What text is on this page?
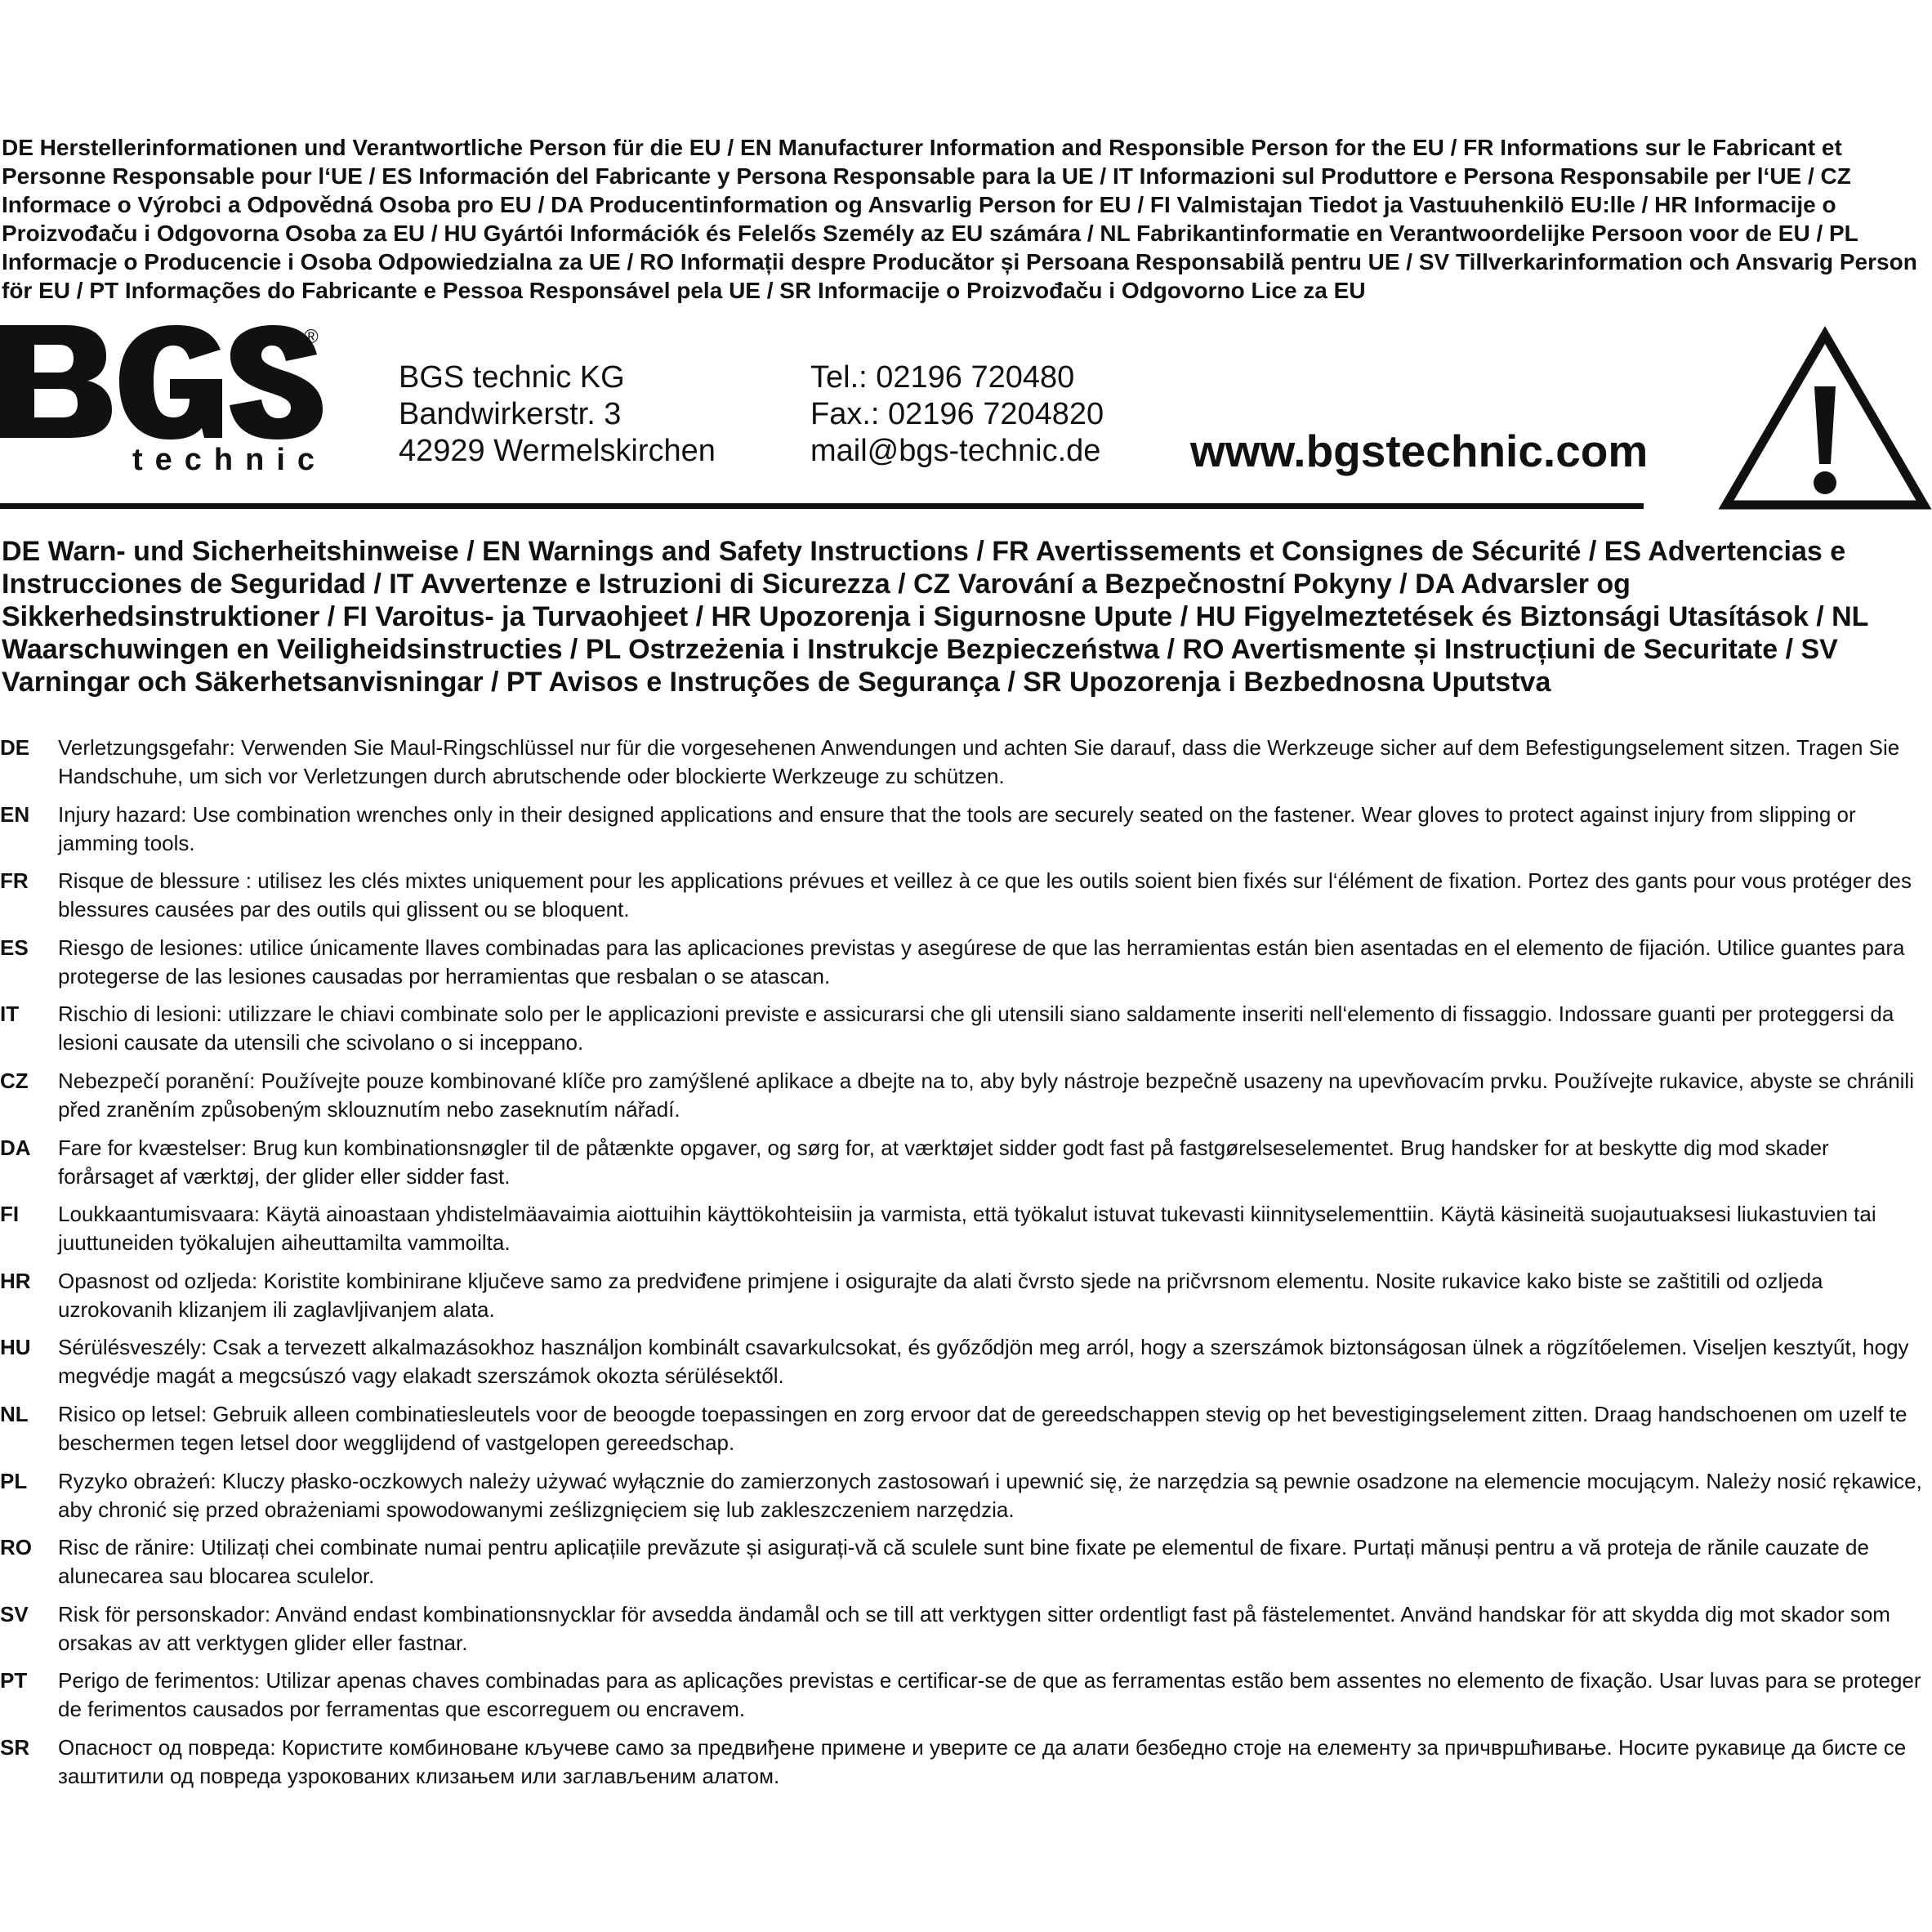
DE Herstellerinformationen und Verantwortliche Person für die EU / EN Manufacturer Information and Responsible Person for the EU / FR Informations sur le Fabricant et Personne Responsable pour l‘UE / ES Información del Fabricante y Persona Responsable para la UE / IT Informazioni sul Produttore e Persona Responsabile per l‘UE / CZ Informace o Výrobci a Odpovědná Osoba pro EU / DA Producentinformation og Ansvarlig Person for EU / FI Valmistajan Tiedot ja Vastuuhenkilö EU:lle / HR Informacije o Proizvođaču i Odgovorna Osoba za EU / HU Gyártói Információk és Felelős Személy az EU számára / NL Fabrikantinformatie en Verantwoordelijke Persoon voor de EU / PL Informacje o Producencie i Osoba Odpowiedzialna za UE / RO Informații despre Producător și Persoana Responsabilă pentru UE / SV Tillverkarinformation och Ansvarig Person för EU / PT Informações do Fabricante e Pessoa Responsável pela UE / SR Informacije o Proizvođaču i Odgovorno Lice za EU

®
technic
BGS technic KG
Bandwirkerstr. 3
42929 Wermelskirchen
Tel.: 02196 720480
Fax.: 02196 7204820
mail@bgs-technic.de www.bgstechnic.com

DE Warn- und Sicherheitshinweise / EN Warnings and Safety Instructions / FR Avertissements et Consignes de Sécurité / ES Advertencias e Instrucciones de Seguridad / IT Avvertenze e Istruzioni di Sicurezza / CZ Varování a Bezpečnostní Pokyny / DA Advarsler og Sikkerhedsinstruktioner / FI Varoitus- ja Turvaohjeet / HR Upozorenja i Sigurnosne Upute / HU Figyelmeztetések és Biztonsági Utasítások / NL Waarschuwingen en Veiligheidsinstructies / PL Ostrzeżenia i Instrukcje Bezpieczeństwa / RO Avertismente și Instrucțiuni de Securitate / SV Varningar och Säkerhetsanvisningar / PT Avisos e Instruções de Segurança / SR Upozorenja i Bezbednosna Uputstva

DE	Verletzungsgefahr: Verwenden Sie Maul-Ringschlüssel nur für die vorgesehenen Anwendungen und achten Sie darauf, dass die Werkzeuge sicher auf dem Befestigungselement sitzen. Tragen Sie Handschuhe, um sich vor Verletzungen durch abrutschende oder blockierte Werkzeuge zu schützen.
EN	Injury hazard: Use combination wrenches only in their designed applications and ensure that the tools are securely seated on the fastener. Wear gloves to protect against injury from slipping or jamming tools.
FR	Risque de blessure : utilisez les clés mixtes uniquement pour les applications prévues et veillez à ce que les outils soient bien fixés sur l‘élément de fixation. Portez des gants pour vous protéger des blessures causées par des outils qui glissent ou se bloquent.
ES	Riesgo de lesiones: utilice únicamente llaves combinadas para las aplicaciones previstas y asegúrese de que las herramientas están bien asentadas en el elemento de fijación. Utilice guantes para protegerse de las lesiones causadas por herramientas que resbalan o se atascan.
IT	Rischio di lesioni: utilizzare le chiavi combinate solo per le applicazioni previste e assicurarsi che gli utensili siano saldamente inseriti nell‘elemento di fissaggio. Indossare guanti per proteggersi da lesioni causate da utensili che scivolano o si inceppano.
CZ	Nebezpečí poranění: Používejte pouze kombinované klíče pro zamýšlené aplikace a dbejte na to, aby byly nástroje bezpečně usazeny na upevňovacím prvku. Používejte rukavice, abyste se chránili před zraněním způsobeným sklouznutím nebo zaseknutím nářadí.
DA	Fare for kvæstelser: Brug kun kombinationsnøgler til de påtænkte opgaver, og sørg for, at værktøjet sidder godt fast på fastgørelseselementet. Brug handsker for at beskytte dig mod skader forårsaget af værktøj, der glider eller sidder fast.
FI	Loukkaantumisvaara: Käytä ainoastaan yhdistelmäavaimia aiottuihin käyttökohteisiin ja varmista, että työkalut istuvat tukevasti kiinnityselementtiin. Käytä käsineitä suojautuaksesi liukastuvien tai juuttuneiden työkalujen aiheuttamilta vammoilta.
HR	Opasnost od ozljeda: Koristite kombinirane ključeve samo za predviđene primjene i osigurajte da alati čvrsto sjede na pričvrsnom elementu. Nosite rukavice kako biste se zaštitili od ozljeda uzrokovanih klizanjem ili zaglavljivanjem alata.
HU	Sérülésveszély: Csak a tervezett alkalmazásokhoz használjon kombinált csavarkulcsokat, és győződjön meg arról, hogy a szerszámok biztonságosan ülnek a rögzítőelemen. Viseljen kesztyűt, hogy megvédje magát a megcsúszó vagy elakadt szerszámok okozta sérülésektől.
NL	Risico op letsel: Gebruik alleen combinatiesleutels voor de beoogde toepassingen en zorg ervoor dat de gereedschappen stevig op het bevestigingselement zitten. Draag handschoenen om uzelf te beschermen tegen letsel door wegglijdend of vastgelopen gereedschap.
PL	Ryzyko obrażeń: Kluczy płasko-oczkowych należy używać wyłącznie do zamierzonych zastosowań i upewnić się, że narzędzia są pewnie osadzone na elemencie mocującym. Należy nosić rękawice, aby chronić się przed obrażeniami spowodowanymi ześlizgnięciem się lub zakleszczeniem narzędzia.
RO	Risc de rănire: Utilizați chei combinate numai pentru aplicațiile prevăzute și asigurați-vă că sculele sunt bine fixate pe elementul de fixare. Purtați mănuși pentru a vă proteja de rănile cauzate de alunecarea sau blocarea sculelor.
SV	Risk för personskador: Använd endast kombinationsnycklar för avsedda ändamål och se till att verktygen sitter ordentligt fast på fästelementet. Använd handskar för att skydda dig mot skador som orsakas av att verktygen glider eller fastnar.
PT	Perigo de ferimentos: Utilizar apenas chaves combinadas para as aplicações previstas e certificar-se de que as ferramentas estão bem assentes no elemento de fixação. Usar luvas para se proteger de ferimentos causados por ferramentas que escorreguem ou encravem.
SR	Опасност од повреда: Користите комбиноване кључеве само за предвиђене примене и уверите се да алати безбедно стоје на елементу за причвршћивање. Носите рукавице да бисте се заштитили од повреда узрокованих клизањем или заглављеним алатом.
